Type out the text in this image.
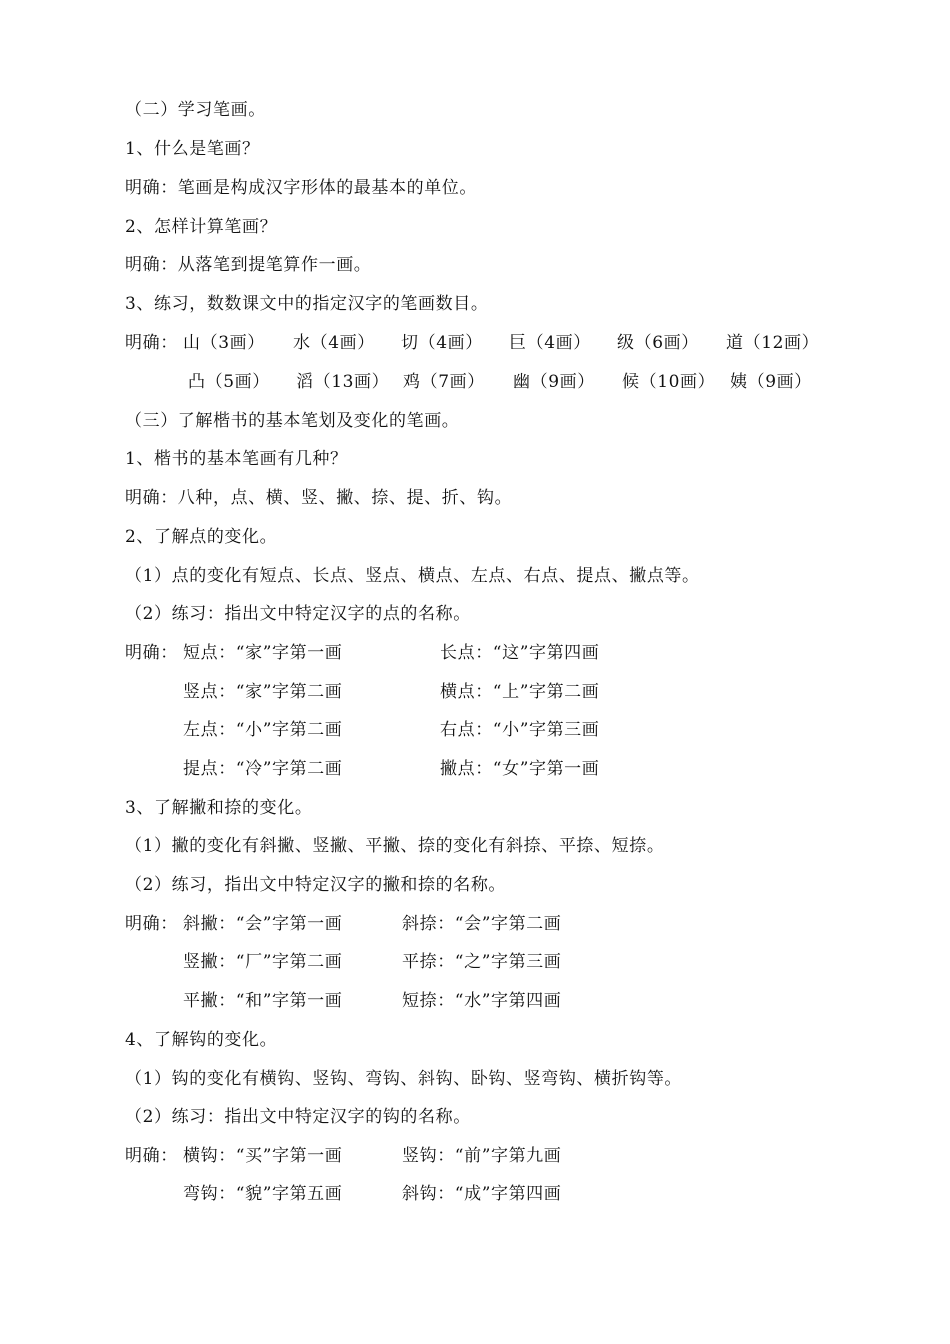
（二）学习笔画。
1、什么是笔画？
明确：笔画是构成汉字形体的最基本的单位。
2、怎样计算笔画？
明确：从落笔到提笔算作一画。
3、练习，数数课文中的指定汉字的笔画数目。
明确： 山（3画） 水（4画） 切（4画） 巨（4画） 级（6画） 道（12画）
凸（5画） 滔（13画） 鸡（7画） 幽（9画） 候（10画） 姨（9画）
（三）了解楷书的基本笔划及变化的笔画。
1、楷书的基本笔画有几种？
明确：八种，点、横、竖、撇、捺、提、折、钩。
2、了解点的变化。
（1）点的变化有短点、长点、竖点、横点、左点、右点、提点、撇点等。
（2）练习：指出文中特定汉字的点的名称。
明确： 短点：“家”字第一画	长点：“这”字第四画
竖点：“家”字第二画	横点：“上”字第二画
左点：“小”字第二画	右点：“小”字第三画
提点：“冷”字第二画	撇点：“女”字第一画
3、了解撇和捺的变化。
（1）撇的变化有斜撇、竖撇、平撇、捺的变化有斜捺、平捺、短捺。
（2）练习，指出文中特定汉字的撇和捺的名称。
明确： 斜撇：“会”字第一画	斜捺：“会”字第二画
竖撇：“厂”字第二画	平捺：“之”字第三画
平撇：“和”字第一画	短捺：“水”字第四画
4、了解钩的变化。
（1）钩的变化有横钩、竖钩、弯钩、斜钩、卧钩、竖弯钩、横折钩等。
（2）练习：指出文中特定汉字的钩的名称。
明确： 横钩：“买”字第一画	竖钩：“前”字第九画
弯钩：“貌”字第五画	斜钩：“成”字第四画
